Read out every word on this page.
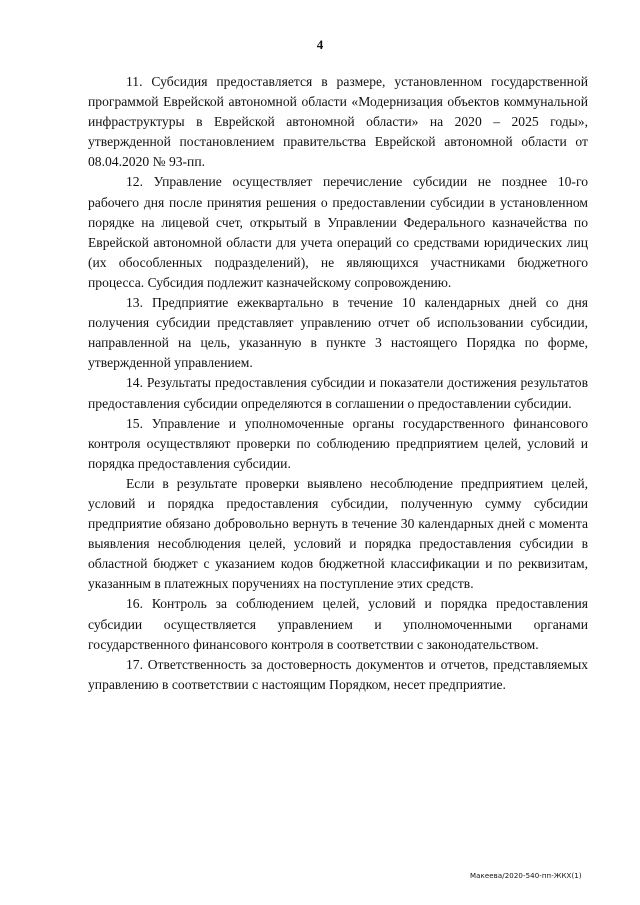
4

11. Субсидия предоставляется в размере, установленном государственной программой Еврейской автономной области «Модернизация объектов коммунальной инфраструктуры в Еврейской автономной области» на 2020 – 2025 годы», утвержденной постановлением правительства Еврейской автономной области от 08.04.2020 № 93-пп.

12. Управление осуществляет перечисление субсидии не позднее 10-го рабочего дня после принятия решения о предоставлении субсидии в установленном порядке на лицевой счет, открытый в Управлении Федерального казначейства по Еврейской автономной области для учета операций со средствами юридических лиц (их обособленных подразделений), не являющихся участниками бюджетного процесса. Субсидия подлежит казначейскому сопровождению.

13. Предприятие ежеквартально в течение 10 календарных дней со дня получения субсидии представляет управлению отчет об использовании субсидии, направленной на цель, указанную в пункте 3 настоящего Порядка по форме, утвержденной управлением.

14. Результаты предоставления субсидии и показатели достижения результатов предоставления субсидии определяются в соглашении о предоставлении субсидии.

15. Управление и уполномоченные органы государственного финансового контроля осуществляют проверки по соблюдению предприятием целей, условий и порядка предоставления субсидии.

Если в результате проверки выявлено несоблюдение предприятием целей, условий и порядка предоставления субсидии, полученную сумму субсидии предприятие обязано добровольно вернуть в течение 30 календарных дней с момента выявления несоблюдения целей, условий и порядка предоставления субсидии в областной бюджет с указанием кодов бюджетной классификации и по реквизитам, указанным в платежных поручениях на поступление этих средств.

16. Контроль за соблюдением целей, условий и порядка предоставления субсидии осуществляется управлением и уполномоченными органами государственного финансового контроля в соответствии с законодательством.

17. Ответственность за достоверность документов и отчетов, представляемых управлению в соответствии с настоящим Порядком, несет предприятие.

Макеева/2020-540-пп-ЖКХ(1)
